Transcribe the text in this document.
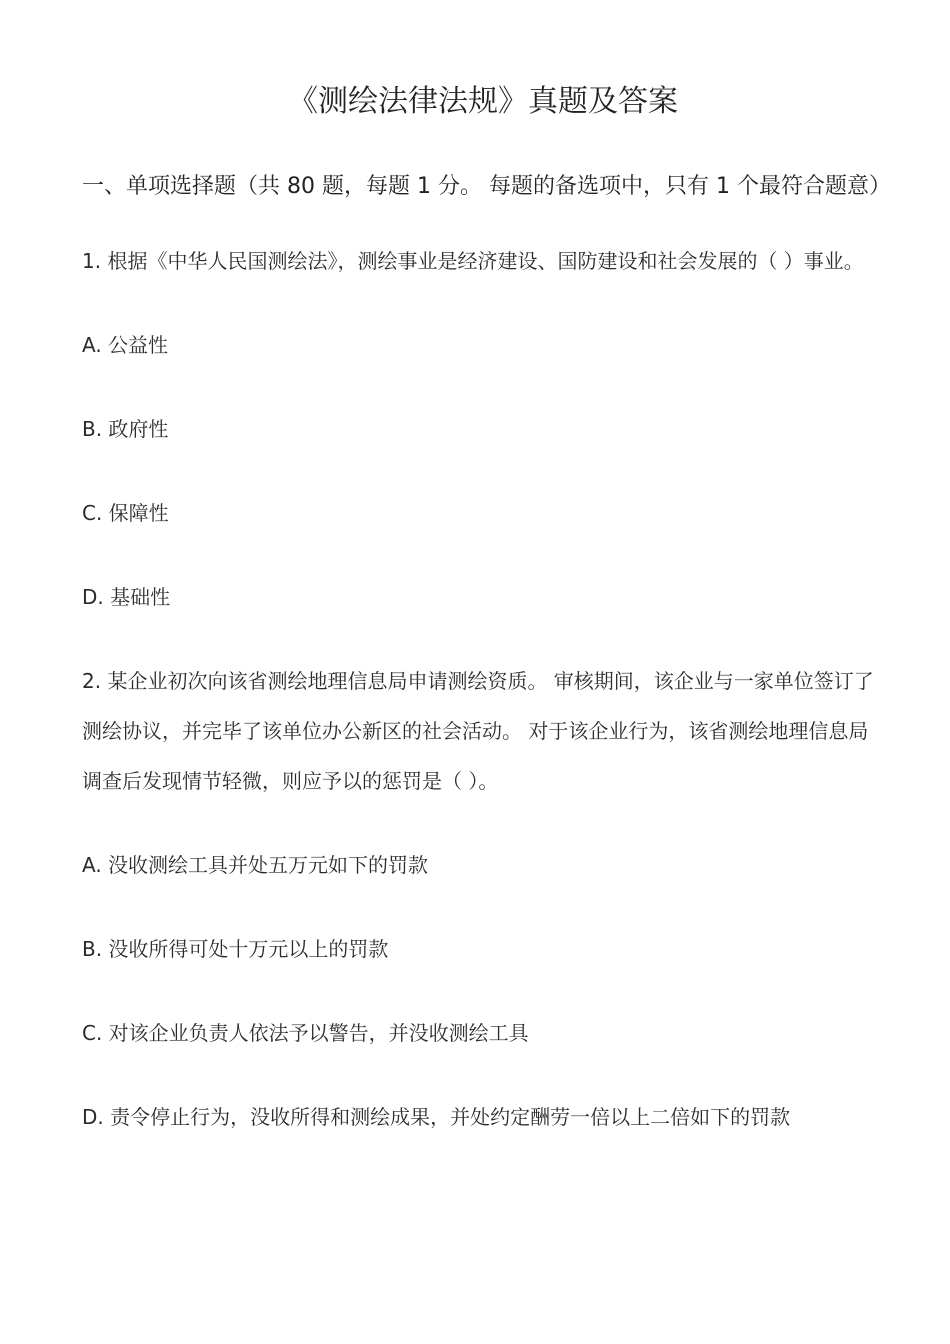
《测绘法律法规》真题及答案

一、单项选择题（共 80 题，每题 1 分。 每题的备选项中，只有 1 个最符合题意）

1. 根据《中华人民国测绘法》，测绘事业是经济建设、国防建设和社会发展的（ ）事业。

A. 公益性

B. 政府性

C. 保障性

D. 基础性

2. 某企业初次向该省测绘地理信息局申请测绘资质。 审核期间，该企业与一家单位签订了测绘协议，并完毕了该单位办公新区的社会活动。 对于该企业行为，该省测绘地理信息局调查后发现情节轻微，则应予以的惩罚是（ ）。

A. 没收测绘工具并处五万元如下的罚款

B. 没收所得可处十万元以上的罚款

C. 对该企业负责人依法予以警告，并没收测绘工具

D. 责令停止行为，没收所得和测绘成果，并处约定酬劳一倍以上二倍如下的罚款
